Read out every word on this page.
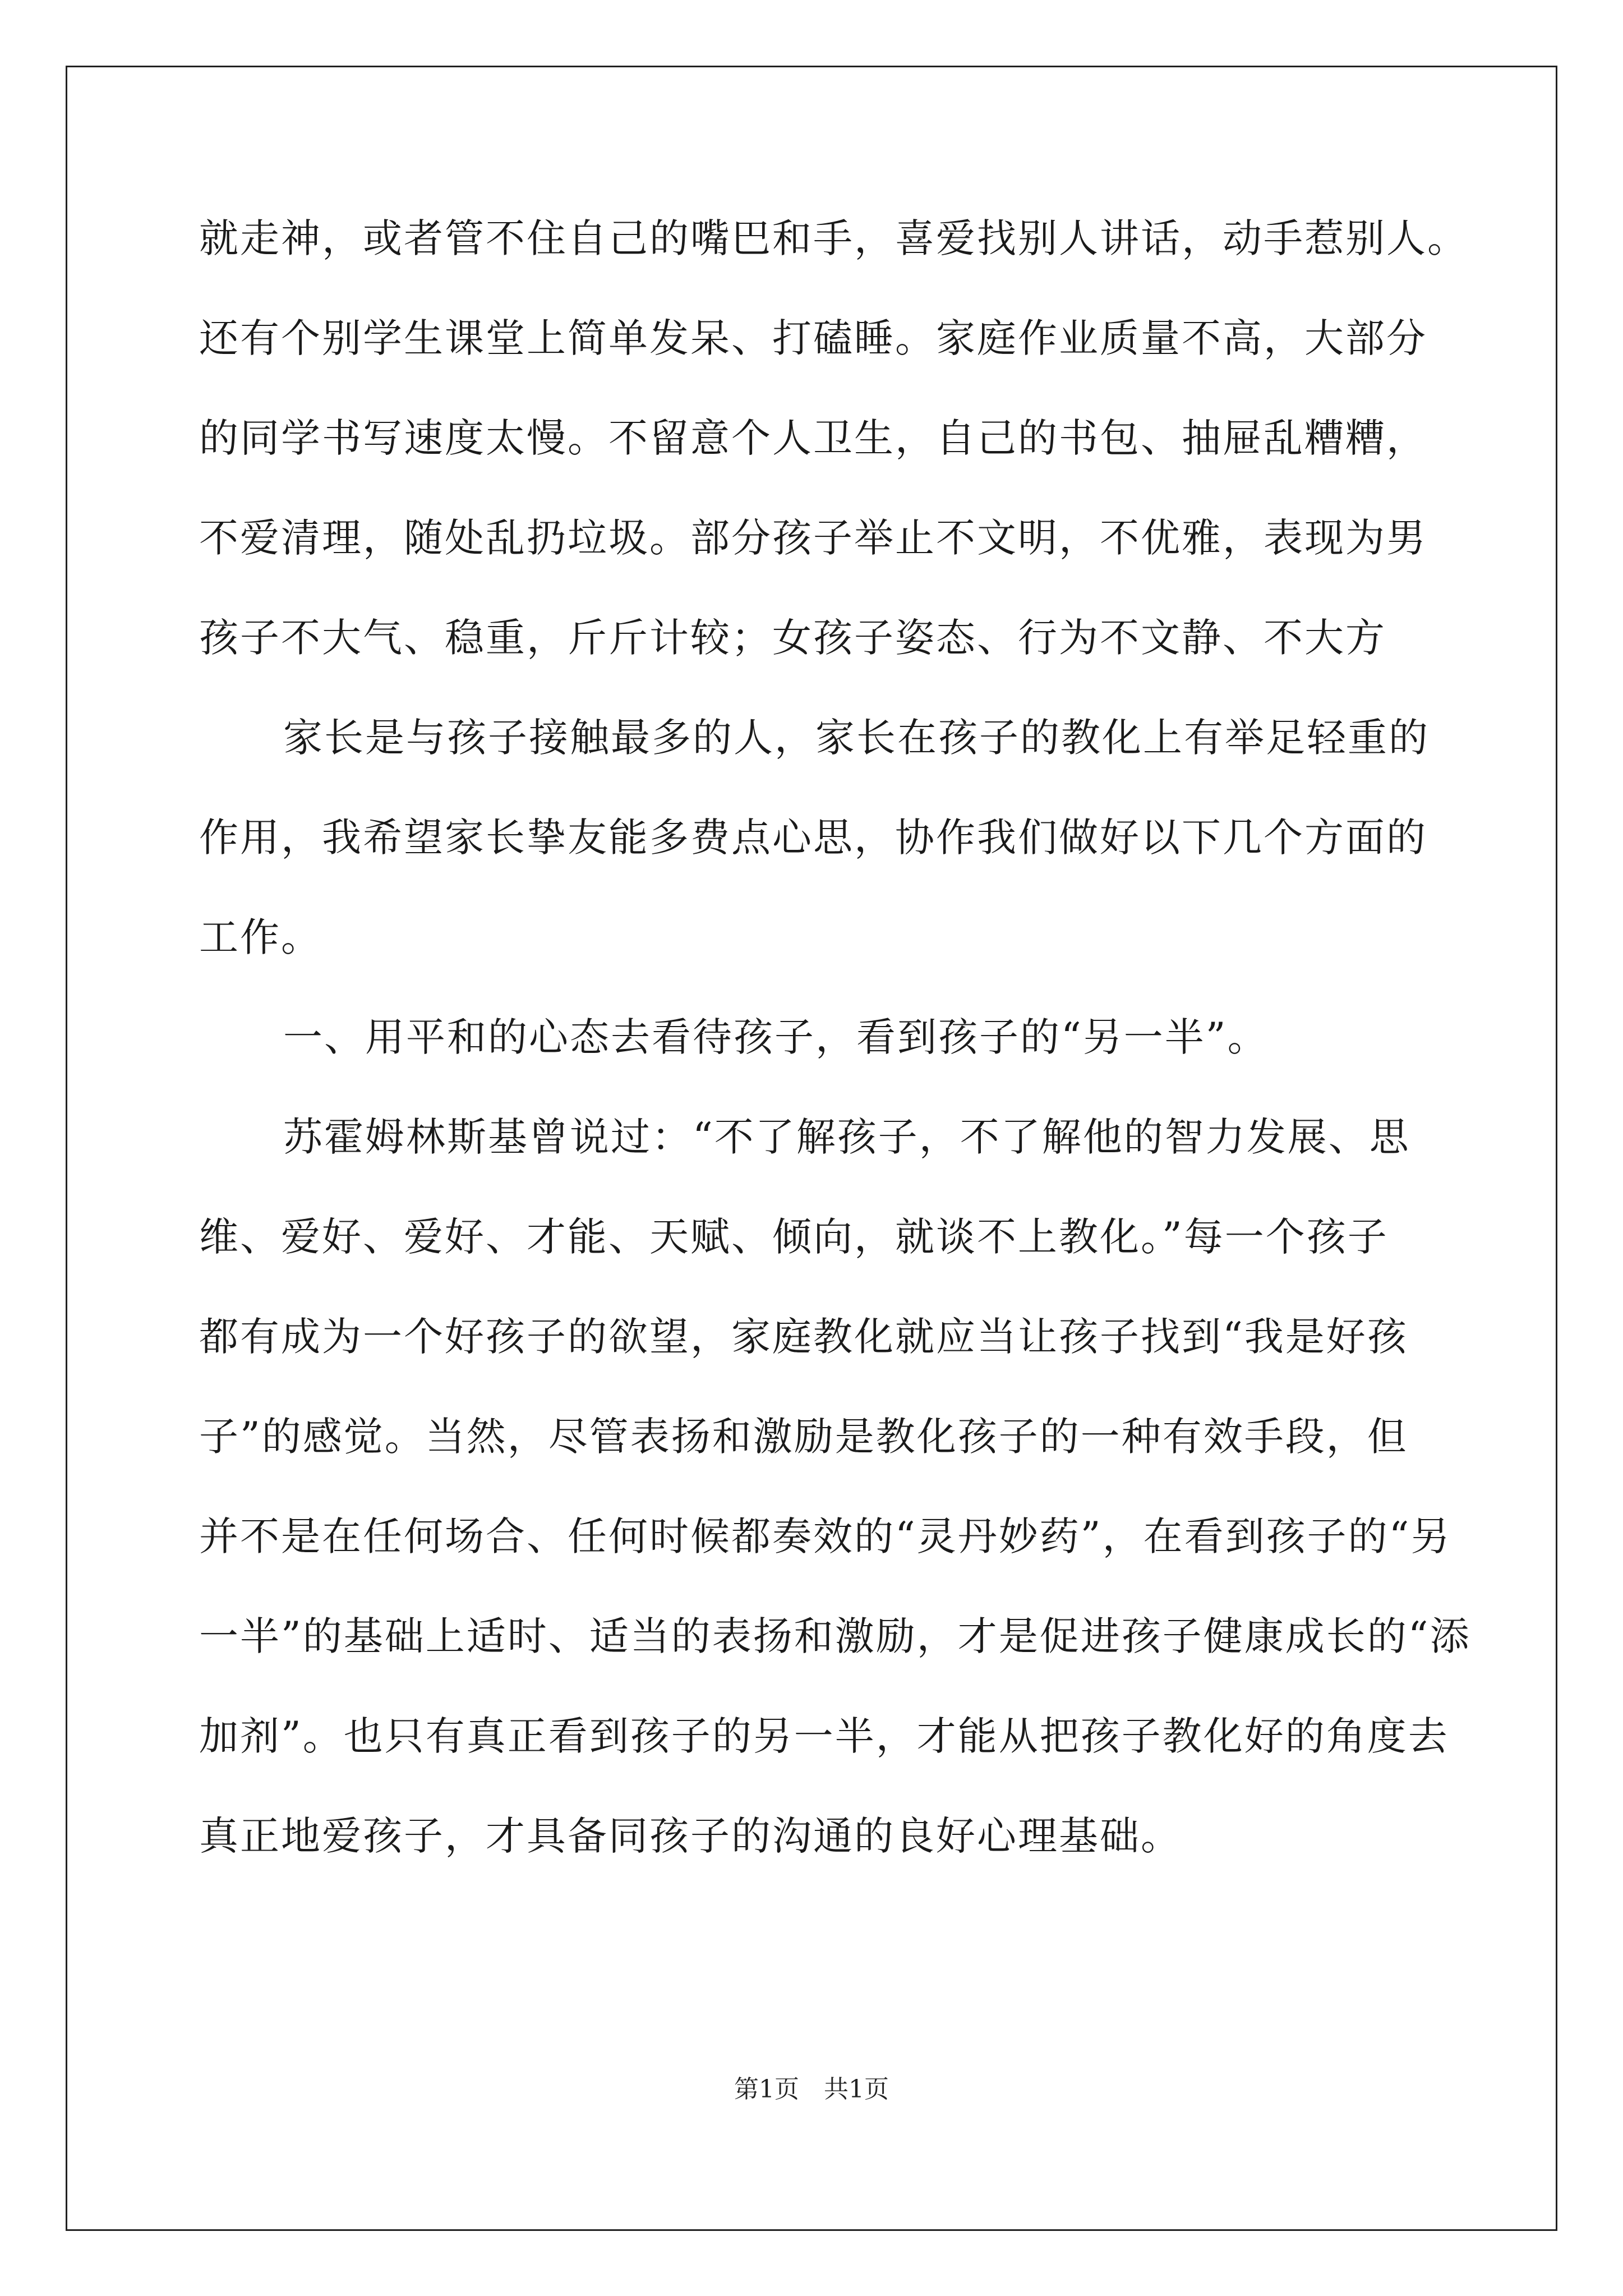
就走神，或者管不住自己的嘴巴和手，喜爱找别人讲话，动手惹别人。
还有个别学生课堂上简单发呆、打磕睡。家庭作业质量不高，大部分
的同学书写速度太慢。不留意个人卫生，自己的书包、抽屉乱糟糟，
不爱清理，随处乱扔垃圾。部分孩子举止不文明，不优雅，表现为男
孩子不大气、稳重，斤斤计较；女孩子姿态、行为不文静、不大方
家长是与孩子接触最多的人，家长在孩子的教化上有举足轻重的
作用，我希望家长挚友能多费点心思，协作我们做好以下几个方面的
工作。
一、用平和的心态去看待孩子，看到孩子的“另一半”。
苏霍姆林斯基曾说过：“不了解孩子，不了解他的智力发展、思
维、爱好、爱好、才能、天赋、倾向，就谈不上教化。”每一个孩子
都有成为一个好孩子的欲望，家庭教化就应当让孩子找到“我是好孩
子”的感觉。当然，尽管表扬和激励是教化孩子的一种有效手段，但
并不是在任何场合、任何时候都奏效的“灵丹妙药”，在看到孩子的“另
一半”的基础上适时、适当的表扬和激励，才是促进孩子健康成长的“添
加剂”。也只有真正看到孩子的另一半，才能从把孩子教化好的角度去
真正地爱孩子，才具备同孩子的沟通的良好心理基础。
第1页　共1页
